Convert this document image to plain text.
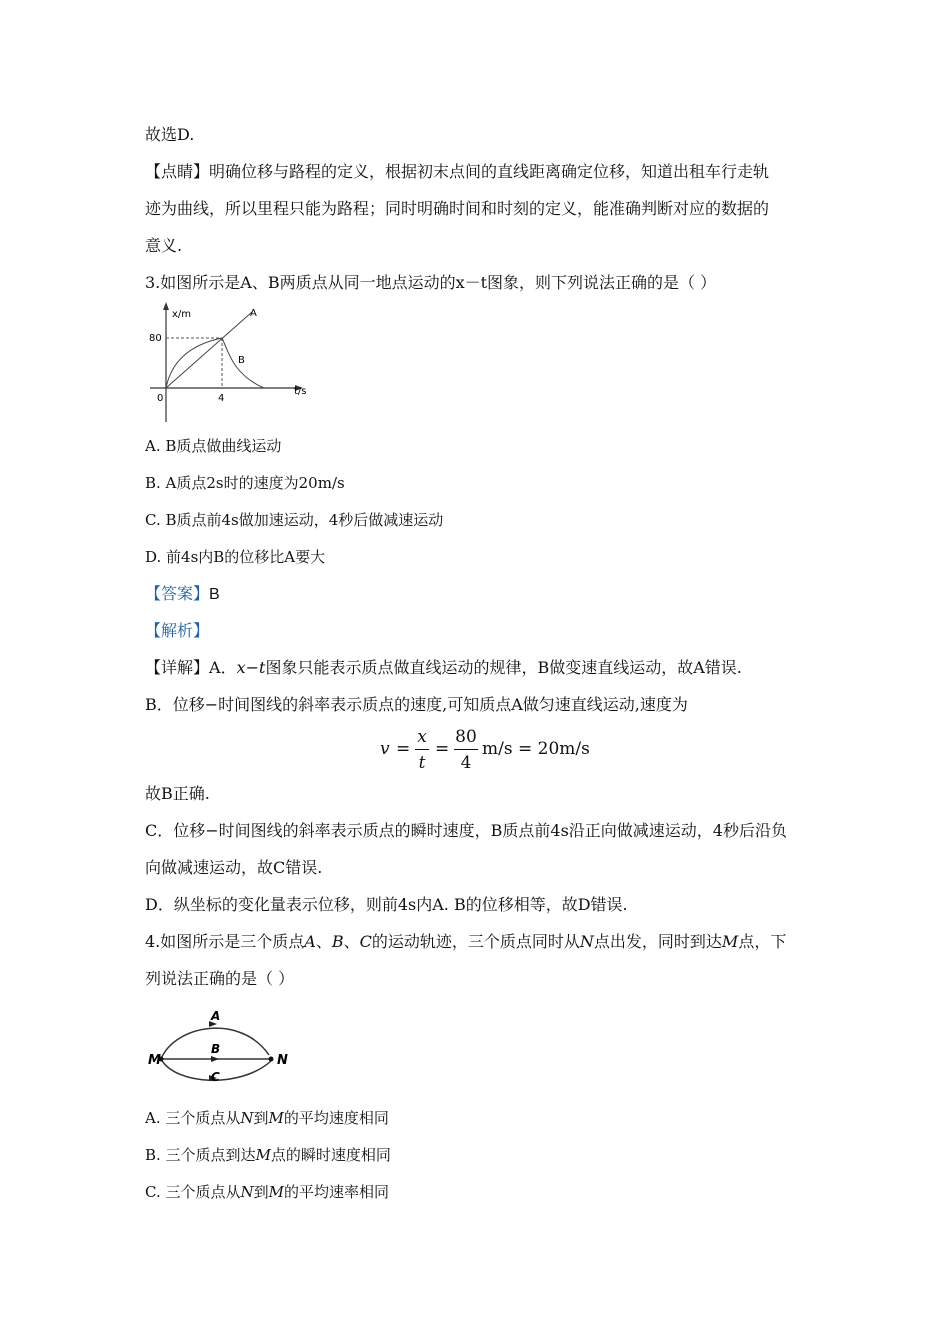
故选D.
【点睛】明确位移与路程的定义，根据初末点间的直线距离确定位移，知道出租车行走轨
迹为曲线，所以里程只能为路程；同时明确时间和时刻的定义，能准确判断对应的数据的
意义.
3.如图所示是A、B两质点从同一地点运动的x－t图象，则下列说法正确的是（ ）
x/m
t/s
80
4
0
A
B
A. B质点做曲线运动
B. A质点2s时的速度为20m/s
C. B质点前4s做加速运动，4秒后做减速运动
D. 前4s内B的位移比A要大
【答案】B
【解析】
【详解】A．x−t图象只能表示质点做直线运动的规律，B做变速直线运动，故A错误.
B．位移−时间图线的斜率表示质点的速度,可知质点A做匀速直线运动,速度为
v =
x
t
=
80
4
m/s = 20m/s
故B正确.
C．位移−时间图线的斜率表示质点的瞬时速度，B质点前4s沿正向做减速运动，4秒后沿负
向做减速运动，故C错误.
D．纵坐标的变化量表示位移，则前4s内A. B的位移相等，故D错误.
4.如图所示是三个质点A、B、C的运动轨迹，三个质点同时从N点出发，同时到达M点，下
列说法正确的是（ ）
M	N
A
B
C
A. 三个质点从N到M的平均速度相同
B. 三个质点到达M点的瞬时速度相同
C. 三个质点从N到M的平均速率相同
